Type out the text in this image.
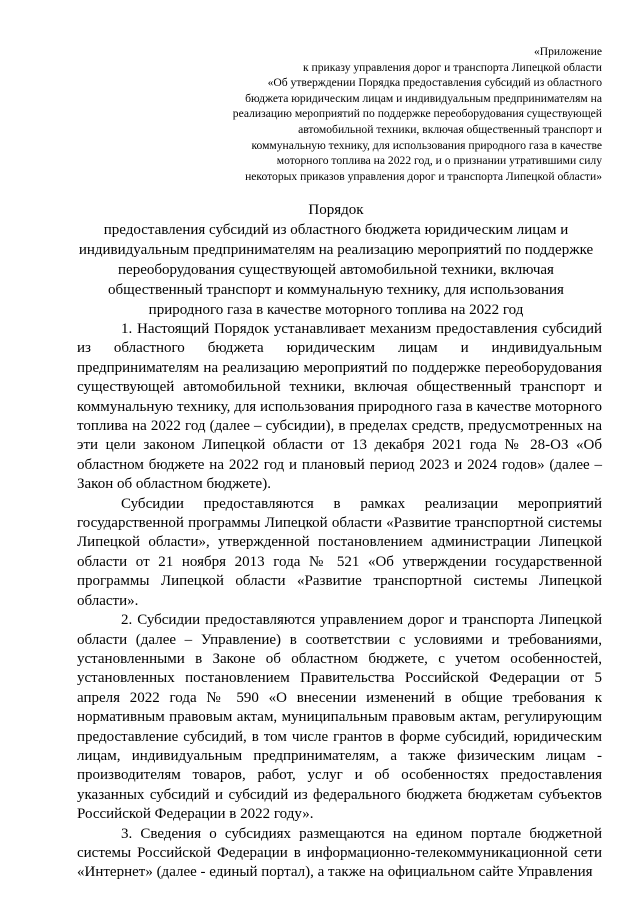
«Приложение
к приказу управления дорог и транспорта Липецкой области
«Об утверждении Порядка предоставления субсидий из областного
бюджета юридическим лицам и индивидуальным предпринимателям на
реализацию мероприятий по поддержке переоборудования существующей
автомобильной техники, включая общественный транспорт и
коммунальную технику, для использования природного газа в качестве
моторного топлива на 2022 год, и о признании утратившими силу
некоторых приказов управления дорог и транспорта Липецкой области»
Порядок
предоставления субсидий из областного бюджета юридическим лицам и
индивидуальным предпринимателям на реализацию мероприятий по поддержке
переоборудования существующей автомобильной техники, включая
общественный транспорт и коммунальную технику, для использования
природного газа в качестве моторного топлива на 2022 год

1. Настоящий Порядок устанавливает механизм предоставления субсидий из областного бюджета юридическим лицам и индивидуальным предпринимателям на реализацию мероприятий по поддержке переоборудования существующей автомобильной техники, включая общественный транспорт и коммунальную технику, для использования природного газа в качестве моторного топлива на 2022 год (далее – субсидии), в пределах средств, предусмотренных на эти цели законом Липецкой области от 13 декабря 2021 года № 28-ОЗ «Об областном бюджете на 2022 год и плановый период 2023 и 2024 годов» (далее – Закон об областном бюджете).

Субсидии предоставляются в рамках реализации мероприятий государственной программы Липецкой области «Развитие транспортной системы Липецкой области», утвержденной постановлением администрации Липецкой области от 21 ноября 2013 года № 521 «Об утверждении государственной программы Липецкой области «Развитие транспортной системы Липецкой области».

2. Субсидии предоставляются управлением дорог и транспорта Липецкой области (далее – Управление) в соответствии с условиями и требованиями, установленными в Законе об областном бюджете, с учетом особенностей, установленных постановлением Правительства Российской Федерации от 5 апреля 2022 года № 590 «О внесении изменений в общие требования к нормативным правовым актам, муниципальным правовым актам, регулирующим предоставление субсидий, в том числе грантов в форме субсидий, юридическим лицам, индивидуальным предпринимателям, а также физическим лицам - производителям товаров, работ, услуг и об особенностях предоставления указанных субсидий и субсидий из федерального бюджета бюджетам субъектов Российской Федерации в 2022 году».

3. Сведения о субсидиях размещаются на едином портале бюджетной системы Российской Федерации в информационно-телекоммуникационной сети «Интернет» (далее - единый портал), а также на официальном сайте Управления
